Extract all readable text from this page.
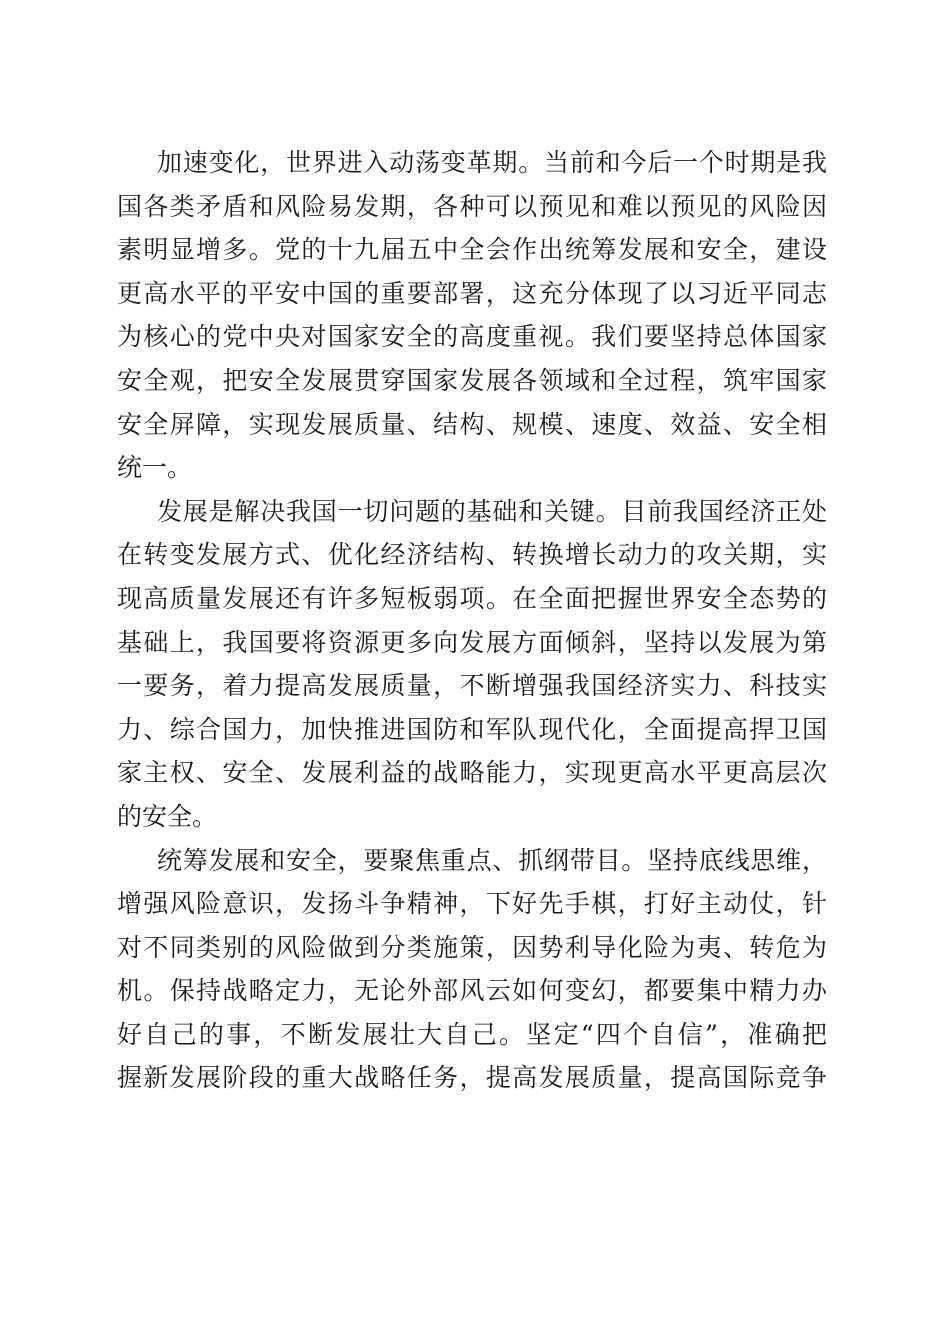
加速变化，世界进入动荡变革期。当前和今后一个时期是我
国各类矛盾和风险易发期，各种可以预见和难以预见的风险因
素明显增多。党的十九届五中全会作出统筹发展和安全，建设
更高水平的平安中国的重要部署，这充分体现了以习近平同志
为核心的党中央对国家安全的高度重视。我们要坚持总体国家
安全观，把安全发展贯穿国家发展各领域和全过程，筑牢国家
安全屏障，实现发展质量、结构、规模、速度、效益、安全相
统一。

发展是解决我国一切问题的基础和关键。目前我国经济正处
在转变发展方式、优化经济结构、转换增长动力的攻关期，实
现高质量发展还有许多短板弱项。在全面把握世界安全态势的
基础上，我国要将资源更多向发展方面倾斜，坚持以发展为第
一要务，着力提高发展质量，不断增强我国经济实力、科技实
力、综合国力，加快推进国防和军队现代化，全面提高捍卫国
家主权、安全、发展利益的战略能力，实现更高水平更高层次
的安全。

统筹发展和安全，要聚焦重点、抓纲带目。坚持底线思维，
增强风险意识，发扬斗争精神，下好先手棋，打好主动仗，针
对不同类别的风险做到分类施策，因势利导化险为夷、转危为
机。保持战略定力，无论外部风云如何变幻，都要集中精力办
好自己的事，不断发展壮大自己。坚定“四个自信”，准确把
握新发展阶段的重大战略任务，提高发展质量，提高国际竞争
